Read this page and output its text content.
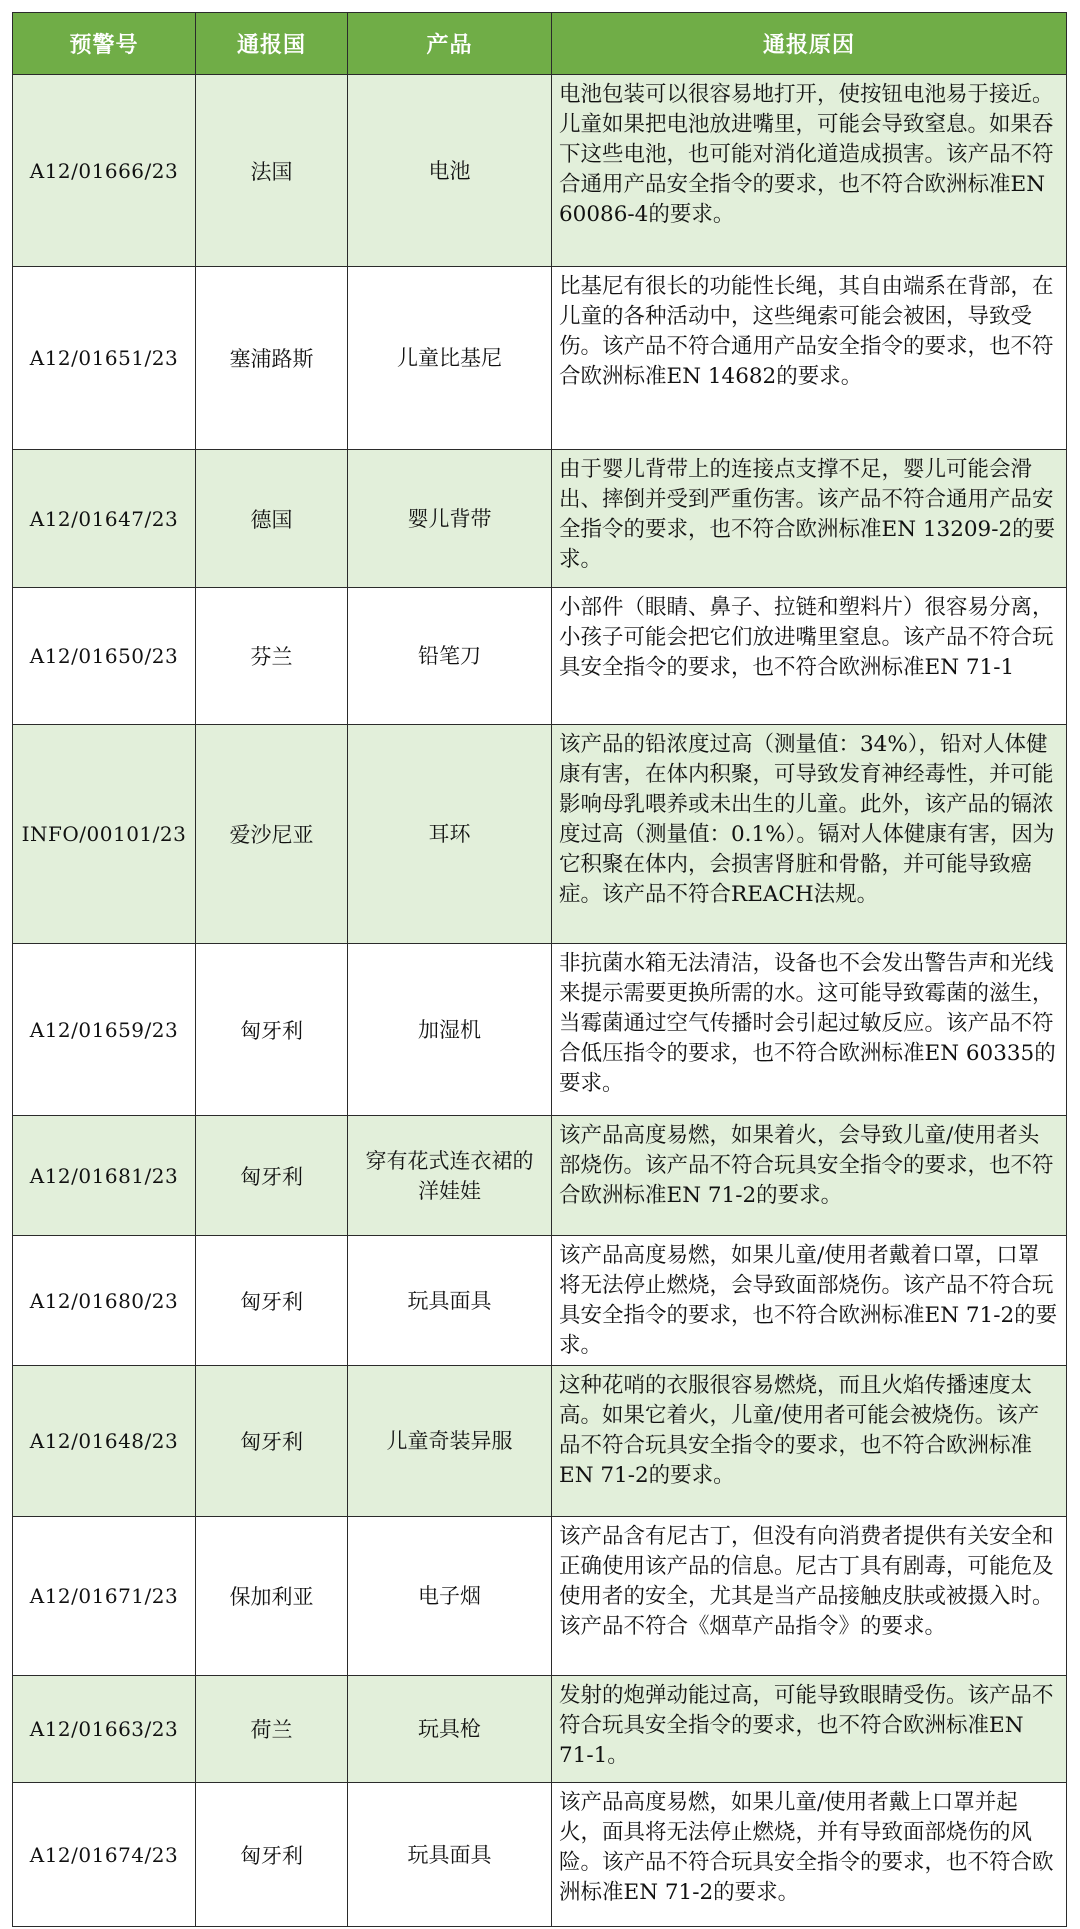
预警号	通报国	产品	通报原因
A12/01666/23	法国	电池	电池包装可以很容易地打开，使按钮电池易于接近。儿童如果把电池放进嘴里，可能会导致窒息。如果吞下这些电池，也可能对消化道造成损害。该产品不符合通用产品安全指令的要求，也不符合欧洲标准EN 60086-4的要求。
A12/01651/23	塞浦路斯	儿童比基尼	比基尼有很长的功能性长绳，其自由端系在背部，在儿童的各种活动中，这些绳索可能会被困，导致受伤。该产品不符合通用产品安全指令的要求，也不符合欧洲标准EN 14682的要求。
A12/01647/23	德国	婴儿背带	由于婴儿背带上的连接点支撑不足，婴儿可能会滑出、摔倒并受到严重伤害。该产品不符合通用产品安全指令的要求，也不符合欧洲标准EN 13209-2的要求。
A12/01650/23	芬兰	铅笔刀	小部件（眼睛、鼻子、拉链和塑料片）很容易分离，小孩子可能会把它们放进嘴里窒息。该产品不符合玩具安全指令的要求，也不符合欧洲标准EN 71-1
INFO/00101/23	爱沙尼亚	耳环	该产品的铅浓度过高（测量值：34%），铅对人体健康有害，在体内积聚，可导致发育神经毒性，并可能影响母乳喂养或未出生的儿童。此外，该产品的镉浓度过高（测量值：0.1%）。镉对人体健康有害，因为它积聚在体内，会损害肾脏和骨骼，并可能导致癌症。该产品不符合REACH法规。
A12/01659/23	匈牙利	加湿机	非抗菌水箱无法清洁，设备也不会发出警告声和光线来提示需要更换所需的水。这可能导致霉菌的滋生，当霉菌通过空气传播时会引起过敏反应。该产品不符合低压指令的要求，也不符合欧洲标准EN 60335的要求。
A12/01681/23	匈牙利	穿有花式连衣裙的洋娃娃	该产品高度易燃，如果着火，会导致儿童/使用者头部烧伤。该产品不符合玩具安全指令的要求，也不符合欧洲标准EN 71-2的要求。
A12/01680/23	匈牙利	玩具面具	该产品高度易燃，如果儿童/使用者戴着口罩，口罩将无法停止燃烧，会导致面部烧伤。该产品不符合玩具安全指令的要求，也不符合欧洲标准EN 71-2的要求。
A12/01648/23	匈牙利	儿童奇装异服	这种花哨的衣服很容易燃烧，而且火焰传播速度太高。如果它着火，儿童/使用者可能会被烧伤。该产品不符合玩具安全指令的要求，也不符合欧洲标准EN 71-2的要求。
A12/01671/23	保加利亚	电子烟	该产品含有尼古丁，但没有向消费者提供有关安全和正确使用该产品的信息。尼古丁具有剧毒，可能危及使用者的安全，尤其是当产品接触皮肤或被摄入时。该产品不符合《烟草产品指令》的要求。
A12/01663/23	荷兰	玩具枪	发射的炮弹动能过高，可能导致眼睛受伤。该产品不符合玩具安全指令的要求，也不符合欧洲标准EN 71-1。
A12/01674/23	匈牙利	玩具面具	该产品高度易燃，如果儿童/使用者戴上口罩并起火，面具将无法停止燃烧，并有导致面部烧伤的风险。该产品不符合玩具安全指令的要求，也不符合欧洲标准EN 71-2的要求。
